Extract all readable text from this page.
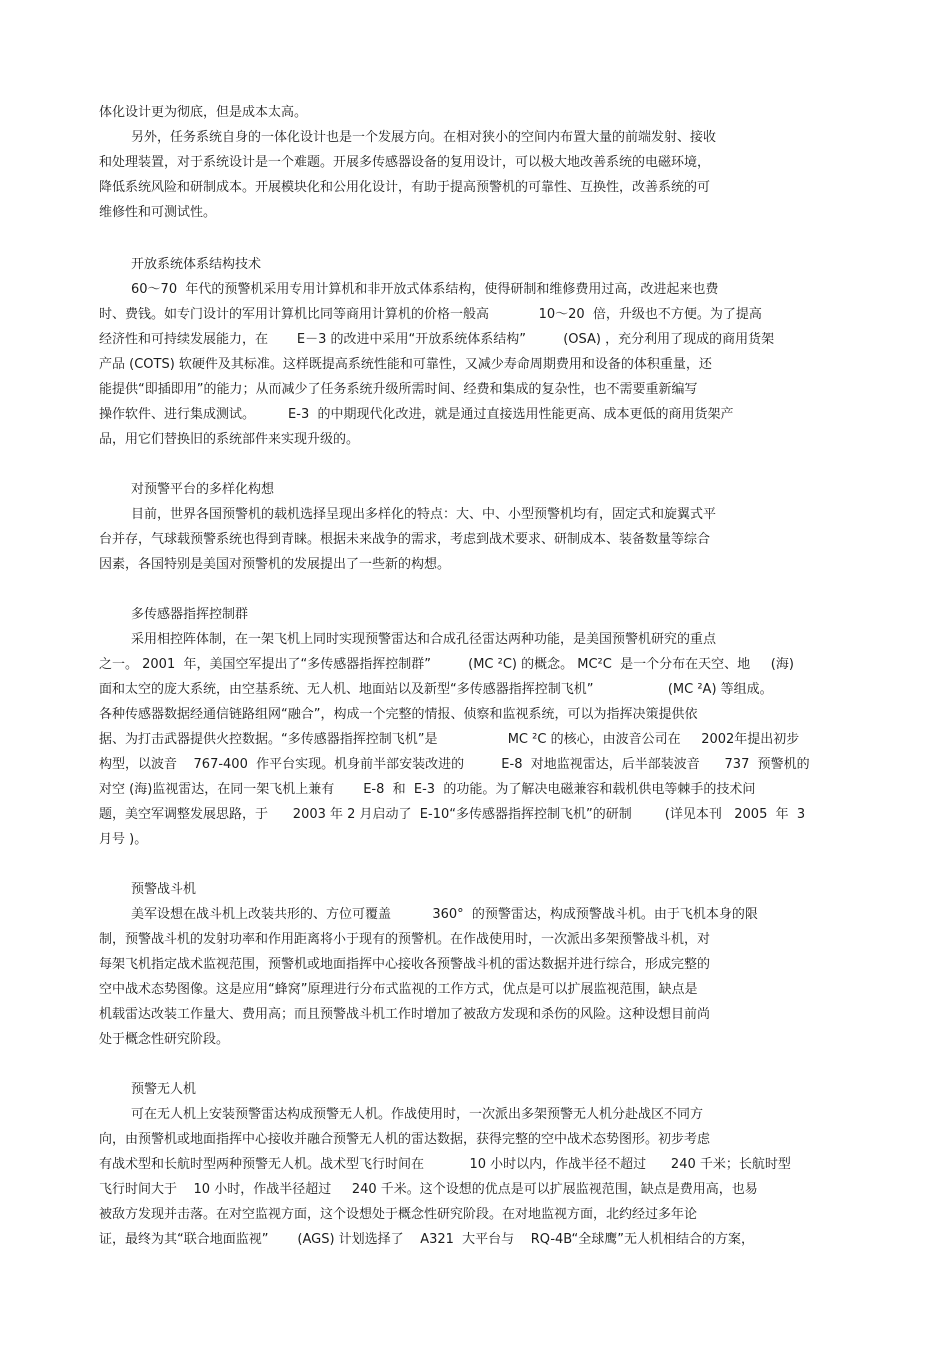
体化设计更为彻底，但是成本太高。

另外，任务系统自身的一体化设计也是一个发展方向。在相对狭小的空间内布置大量的前端发射、接收

和处理装置，对于系统设计是一个难题。开展多传感器设备的复用设计，可以极大地改善系统的电磁环境，

降低系统风险和研制成本。开展模块化和公用化设计，有助于提高预警机的可靠性、互换性，改善系统的可

维修性和可测试性。

开放系统体系结构技术

60～70  年代的预警机采用专用计算机和非开放式体系结构，使得研制和维修费用过高，改进起来也费

时、费钱。如专门设计的军用计算机比同等商用计算机的价格一般高            10～20  倍，升级也不方便。为了提高

经济性和可持续发展能力，在       E－3 的改进中采用“开放系统体系结构”         (OSA) ，充分利用了现成的商用货架

产品 (COTS) 软硬件及其标准。这样既提高系统性能和可靠性，又减少寿命周期费用和设备的体积重量，还

能提供“即插即用”的能力；从而减少了任务系统升级所需时间、经费和集成的复杂性，也不需要重新编写

操作软件、进行集成测试。        E-3  的中期现代化改进，就是通过直接选用性能更高、成本更低的商用货架产

品，用它们替换旧的系统部件来实现升级的。

对预警平台的多样化构想

目前，世界各国预警机的载机选择呈现出多样化的特点：大、中、小型预警机均有，固定式和旋翼式平

台并存，气球载预警系统也得到青睐。根据未来战争的需求，考虑到战术要求、研制成本、装备数量等综合

因素，各国特别是美国对预警机的发展提出了一些新的构想。

多传感器指挥控制群

采用相控阵体制，在一架飞机上同时实现预警雷达和合成孔径雷达两种功能，是美国预警机研究的重点

之一。 2001  年，美国空军提出了“多传感器指挥控制群”         (MC ²C) 的概念。 MC²C  是一个分布在天空、地     (海)

面和太空的庞大系统，由空基系统、无人机、地面站以及新型“多传感器指挥控制飞机”                  (MC ²A) 等组成。

各种传感器数据经通信链路组网“融合”，构成一个完整的情报、侦察和监视系统，可以为指挥决策提供依

据、为打击武器提供火控数据。“多传感器指挥控制飞机”是                 MC ²C 的核心，由波音公司在     2002年提出初步

构型，以波音    767-400  作平台实现。机身前半部安装改进的         E-8  对地监视雷达，后半部装波音      737  预警机的

对空 (海)监视雷达，在同一架飞机上兼有       E-8  和  E-3  的功能。为了解决电磁兼容和载机供电等棘手的技术问

题，美空军调整发展思路，于      2003 年 2 月启动了  E-10“多传感器指挥控制飞机”的研制        (详见本刊   2005  年  3

月号 )。

预警战斗机

美军设想在战斗机上改装共形的、方位可覆盖          360°  的预警雷达，构成预警战斗机。由于飞机本身的限

制，预警战斗机的发射功率和作用距离将小于现有的预警机。在作战使用时，一次派出多架预警战斗机，对

每架飞机指定战术监视范围，预警机或地面指挥中心接收各预警战斗机的雷达数据并进行综合，形成完整的

空中战术态势图像。这是应用“蜂窝”原理进行分布式监视的工作方式，优点是可以扩展监视范围，缺点是

机载雷达改装工作量大、费用高；而且预警战斗机工作时增加了被敌方发现和杀伤的风险。这种设想目前尚

处于概念性研究阶段。

预警无人机

可在无人机上安装预警雷达构成预警无人机。作战使用时，一次派出多架预警无人机分赴战区不同方

向，由预警机或地面指挥中心接收并融合预警无人机的雷达数据，获得完整的空中战术态势图形。初步考虑

有战术型和长航时型两种预警无人机。战术型飞行时间在           10 小时以内，作战半径不超过      240 千米；长航时型

飞行时间大于    10 小时，作战半径超过     240 千米。这个设想的优点是可以扩展监视范围，缺点是费用高，也易

被敌方发现并击落。在对空监视方面，这个设想处于概念性研究阶段。在对地监视方面，北约经过多年论

证，最终为其“联合地面监视”       (AGS) 计划选择了    A321  大平台与    RQ-4B“全球鹰”无人机相结合的方案，
